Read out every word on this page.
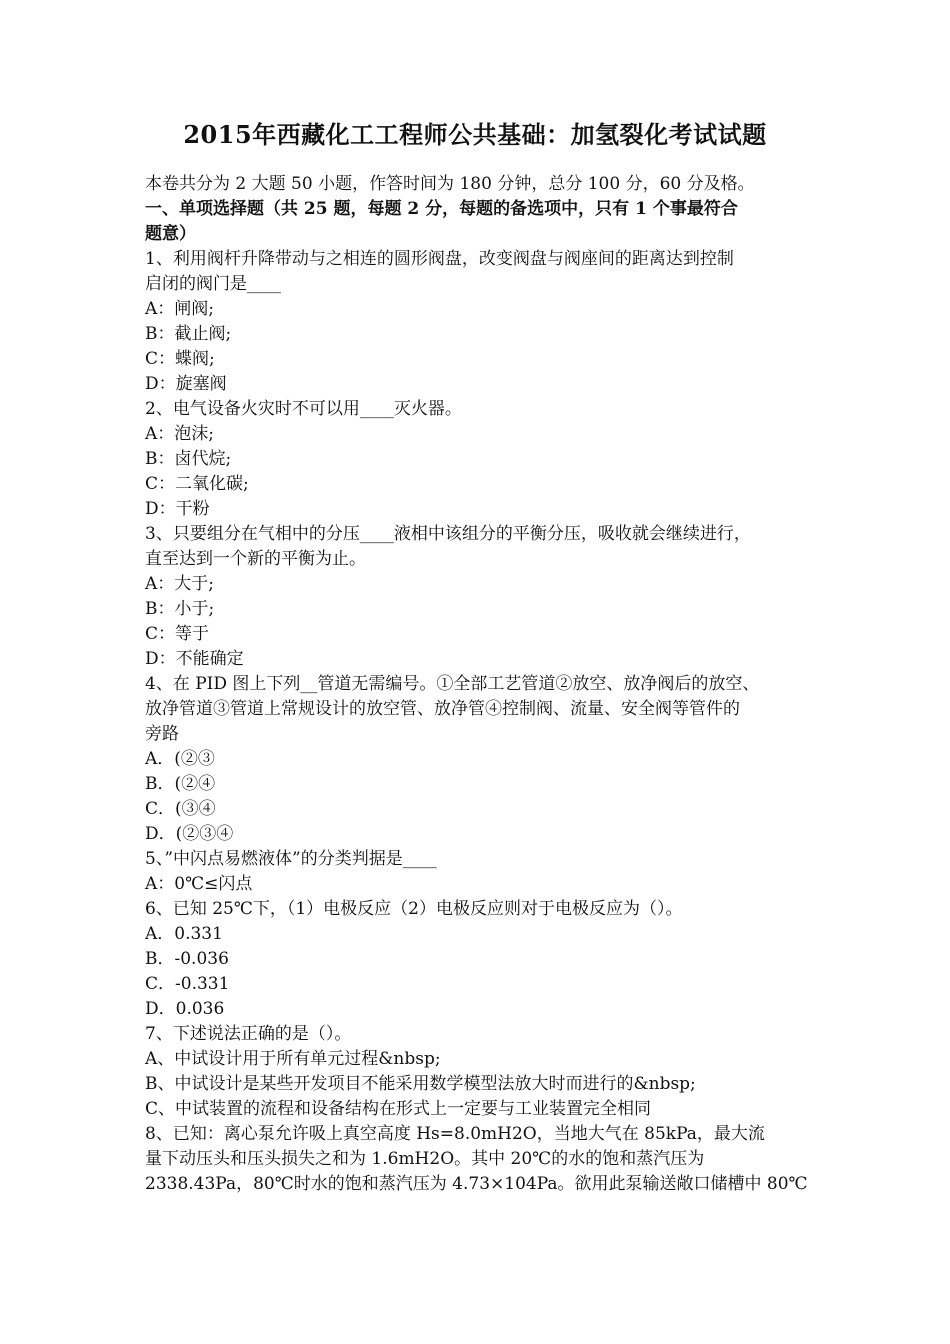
2015年西藏化工工程师公共基础：加氢裂化考试试题
本卷共分为 2 大题 50 小题，作答时间为 180 分钟，总分 100 分，60 分及格。
一、单项选择题（共 25 题，每题 2 分，每题的备选项中，只有 1 个事最符合
题意）
1、利用阀杆升降带动与之相连的圆形阀盘，改变阀盘与阀座间的距离达到控制
启闭的阀门是____
A：闸阀;
B：截止阀;
C：蝶阀;
D：旋塞阀
2、电气设备火灾时不可以用____灭火器。
A：泡沫;
B：卤代烷;
C：二氧化碳;
D：干粉
3、只要组分在气相中的分压____液相中该组分的平衡分压，吸收就会继续进行，
直至达到一个新的平衡为止。
A：大于;
B：小于;
C：等于
D：不能确定
4、在 PID 图上下列__管道无需编号。①全部工艺管道②放空、放净阀后的放空、
放净管道③管道上常规设计的放空管、放净管④控制阀、流量、安全阀等管件的
旁路
A．(②③
B．(②④
C．(③④
D．(②③④
5、”中闪点易燃液体”的分类判据是____
A：0℃≤闪点
6、已知 25℃下，（1）电极反应（2）电极反应则对于电极反应为（）。
A．0.331
B．-0.036
C．-0.331
D．0.036
7、下述说法正确的是（）。
A、中试设计用于所有单元过程&nbsp;
B、中试设计是某些开发项目不能采用数学模型法放大时而进行的&nbsp;
C、中试装置的流程和设备结构在形式上一定要与工业装置完全相同
8、已知：离心泵允许吸上真空高度 Hs=8.0mH2O，当地大气在 85kPa，最大流
量下动压头和压头损失之和为 1.6mH2O。其中 20℃的水的饱和蒸汽压为
2338.43Pa，80℃时水的饱和蒸汽压为 4.73×104Pa。欲用此泵输送敞口储槽中 80℃
